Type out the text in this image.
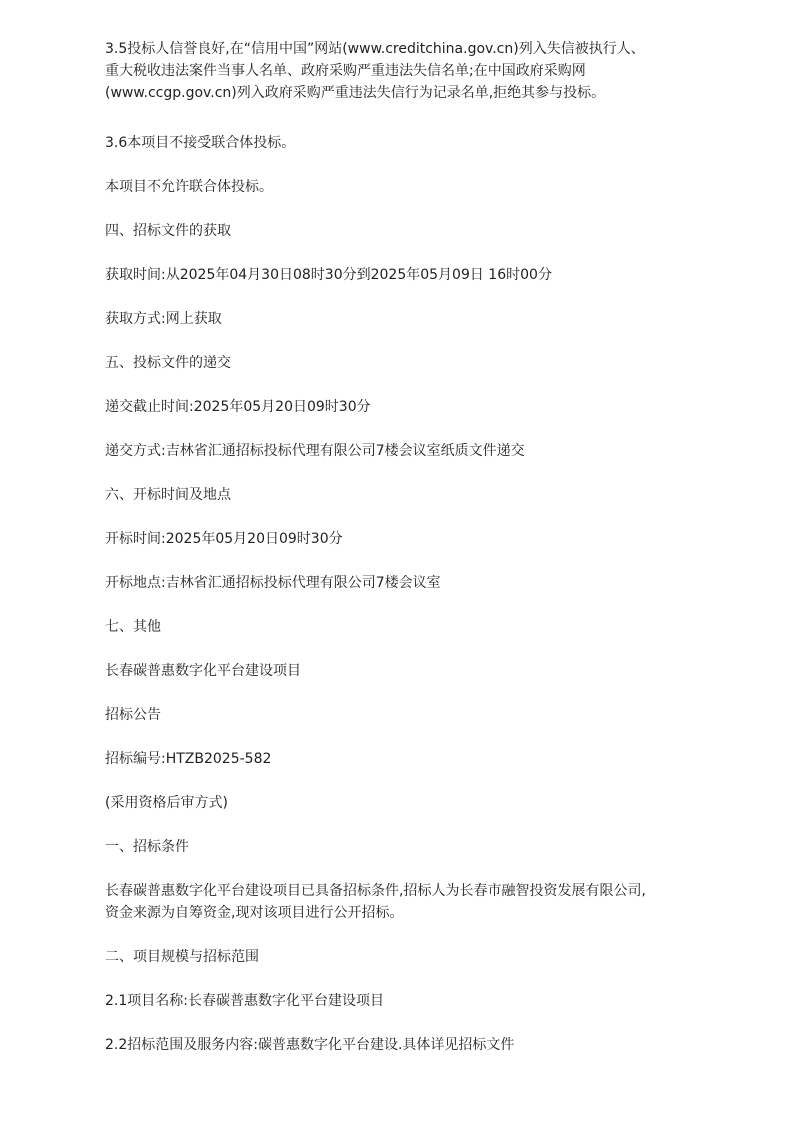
3.5投标人信誉良好,在“信用中国”网站(www.creditchina.gov.cn)列入失信被执行人、
重大税收违法案件当事人名单、政府采购严重违法失信名单;在中国政府采购网
(www.ccgp.gov.cn)列入政府采购严重违法失信行为记录名单,拒绝其参与投标。

3.6本项目不接受联合体投标。

本项目不允许联合体投标。

四、招标文件的获取

获取时间:从2025年04月30日08时30分到2025年05月09日 16时00分

获取方式:网上获取

五、投标文件的递交

递交截止时间:2025年05月20日09时30分

递交方式:吉林省汇通招标投标代理有限公司7楼会议室纸质文件递交

六、开标时间及地点

开标时间:2025年05月20日09时30分

开标地点:吉林省汇通招标投标代理有限公司7楼会议室

七、其他

长春碳普惠数字化平台建设项目

招标公告

招标编号:HTZB2025-582

(采用资格后审方式)

一、招标条件

长春碳普惠数字化平台建设项目已具备招标条件,招标人为长春市融智投资发展有限公司,
资金来源为自筹资金,现对该项目进行公开招标。

二、项目规模与招标范围

2.1项目名称:长春碳普惠数字化平台建设项目

2.2招标范围及服务内容:碳普惠数字化平台建设.具体详见招标文件
